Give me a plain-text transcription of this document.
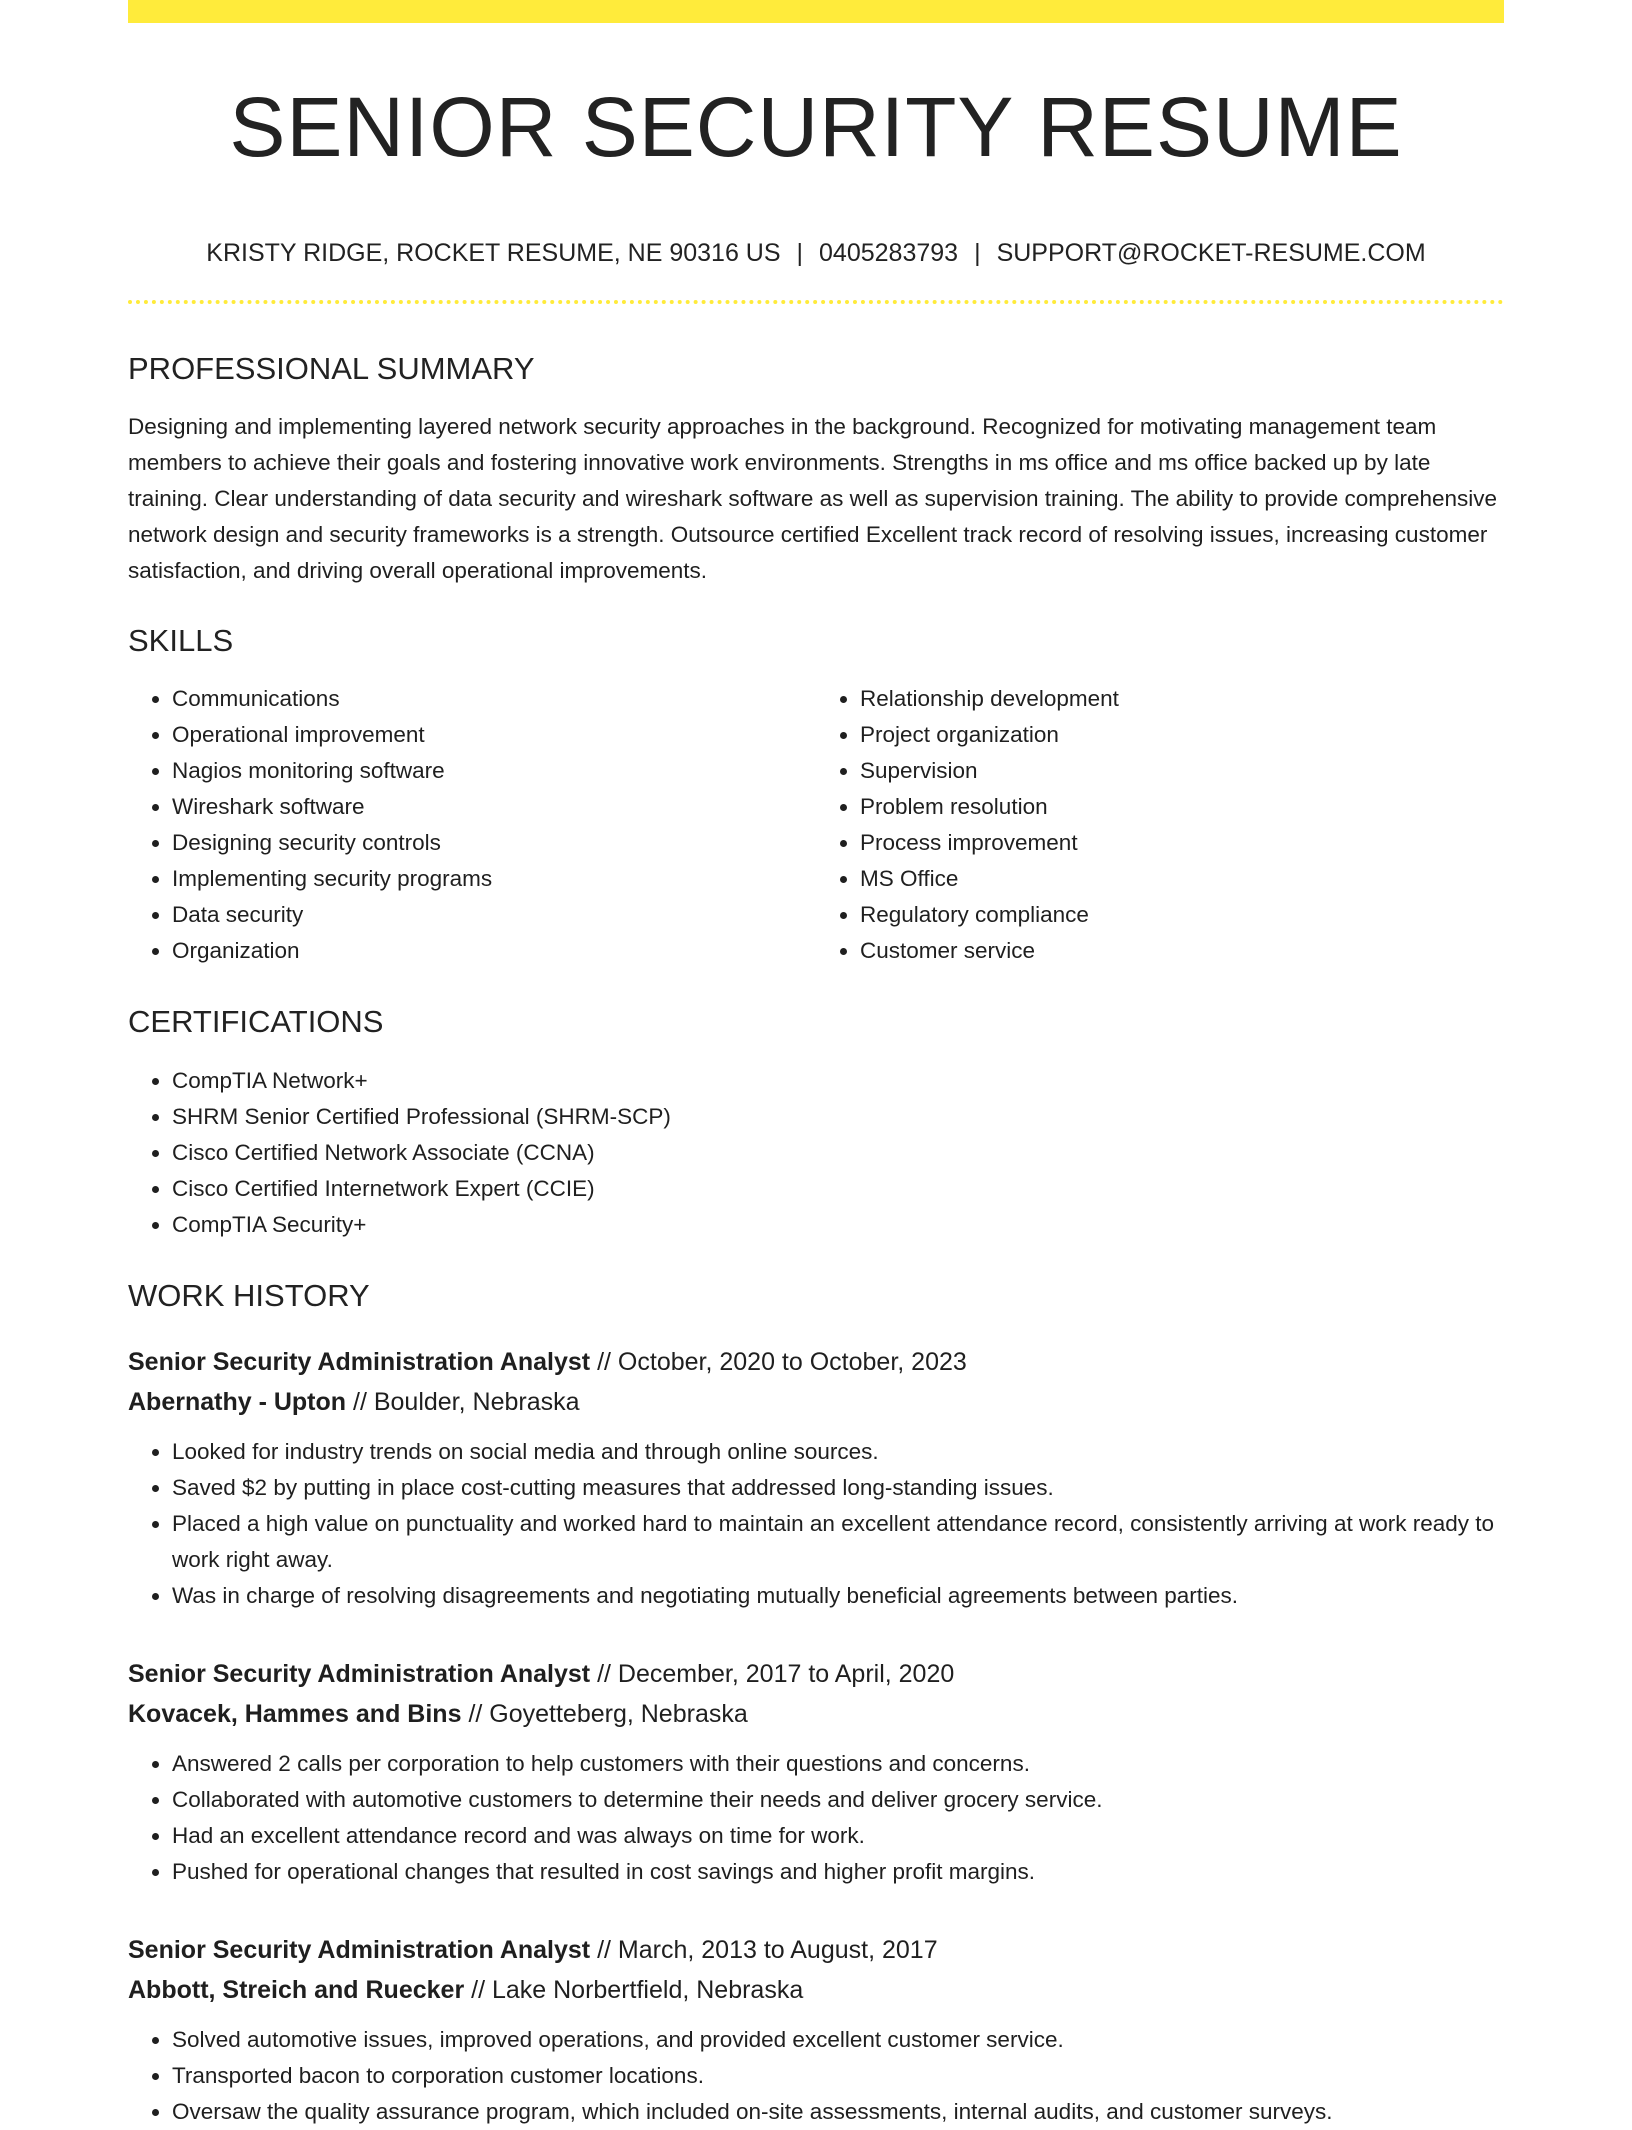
SENIOR SECURITY RESUME
KRISTY RIDGE, ROCKET RESUME, NE 90316 US | 0405283793 | SUPPORT@ROCKET-RESUME.COM
PROFESSIONAL SUMMARY

Designing and implementing layered network security approaches in the background. Recognized for motivating management team members to achieve their goals and fostering innovative work environments. Strengths in ms office and ms office backed up by late training. Clear understanding of data security and wireshark software as well as supervision training. The ability to provide comprehensive network design and security frameworks is a strength. Outsource certified Excellent track record of resolving issues, increasing customer satisfaction, and driving overall operational improvements.

SKILLS
• Communications
• Operational improvement
• Nagios monitoring software
• Wireshark software
• Designing security controls
• Implementing security programs
• Data security
• Organization
• Relationship development
• Project organization
• Supervision
• Problem resolution
• Process improvement
• MS Office
• Regulatory compliance
• Customer service
CERTIFICATIONS
• CompTIA Network+
• SHRM Senior Certified Professional (SHRM-SCP)
• Cisco Certified Network Associate (CCNA)
• Cisco Certified Internetwork Expert (CCIE)
• CompTIA Security+
WORK HISTORY
Senior Security Administration Analyst // October, 2020 to October, 2023
Abernathy - Upton // Boulder, Nebraska
• Looked for industry trends on social media and through online sources.
• Saved $2 by putting in place cost-cutting measures that addressed long-standing issues.
• Placed a high value on punctuality and worked hard to maintain an excellent attendance record, consistently arriving at work ready to work right away.
• Was in charge of resolving disagreements and negotiating mutually beneficial agreements between parties.
Senior Security Administration Analyst // December, 2017 to April, 2020
Kovacek, Hammes and Bins // Goyetteberg, Nebraska
• Answered 2 calls per corporation to help customers with their questions and concerns.
• Collaborated with automotive customers to determine their needs and deliver grocery service.
• Had an excellent attendance record and was always on time for work.
• Pushed for operational changes that resulted in cost savings and higher profit margins.
Senior Security Administration Analyst // March, 2013 to August, 2017
Abbott, Streich and Ruecker // Lake Norbertfield, Nebraska
• Solved automotive issues, improved operations, and provided excellent customer service.
• Transported bacon to corporation customer locations.
• Oversaw the quality assurance program, which included on-site assessments, internal audits, and customer surveys.
